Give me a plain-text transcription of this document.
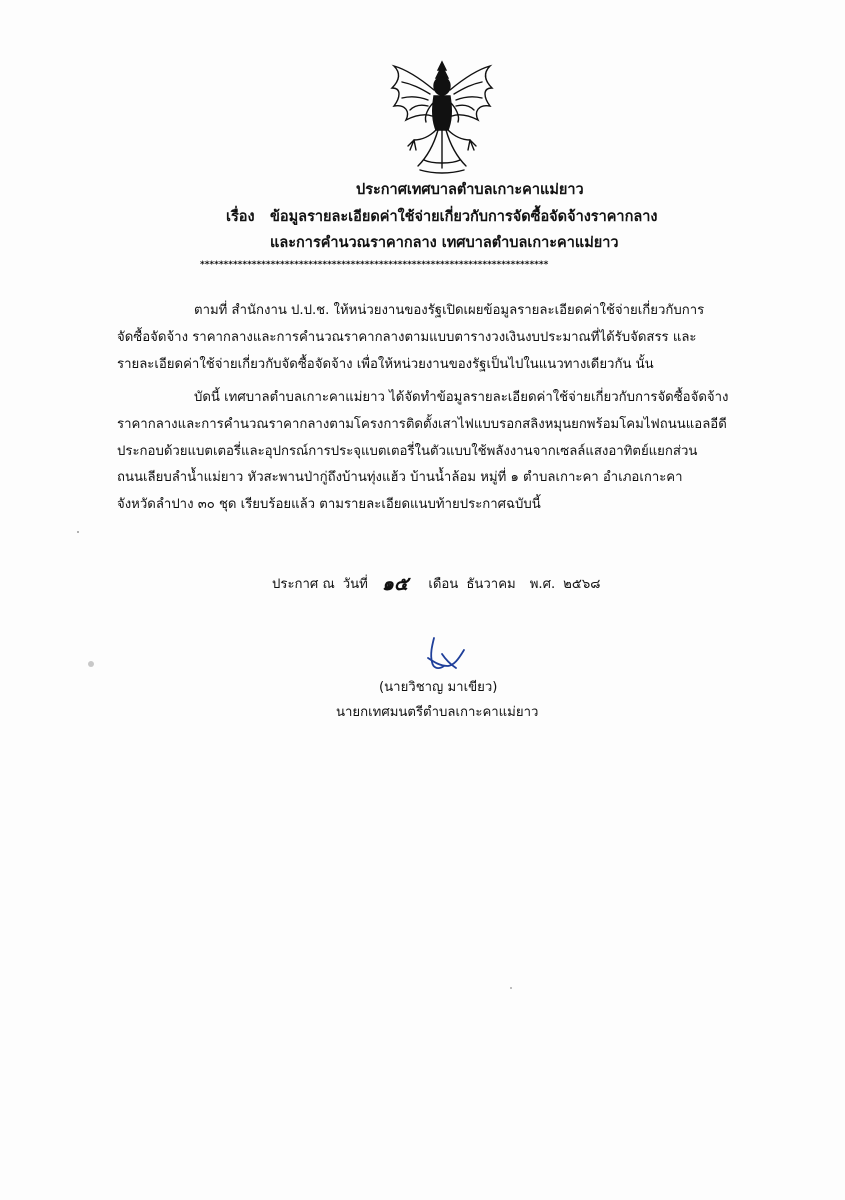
ประกาศเทศบาลตำบลเกาะคาแม่ยาว
เรื่อง ข้อมูลรายละเอียดค่าใช้จ่ายเกี่ยวกับการจัดซื้อจัดจ้างราคากลาง
และการคำนวณราคากลาง เทศบาลตำบลเกาะคาแม่ยาว
**************************************************************************
ตามที่ สำนักงาน ป.ป.ช. ให้หน่วยงานของรัฐเปิดเผยข้อมูลรายละเอียดค่าใช้จ่ายเกี่ยวกับการ
จัดซื้อจัดจ้าง ราคากลางและการคำนวณราคากลางตามแบบตารางวงเงินงบประมาณที่ได้รับจัดสรร และ
รายละเอียดค่าใช้จ่ายเกี่ยวกับจัดซื้อจัดจ้าง เพื่อให้หน่วยงานของรัฐเป็นไปในแนวทางเดียวกัน นั้น
บัดนี้ เทศบาลตำบลเกาะคาแม่ยาว ได้จัดทำข้อมูลรายละเอียดค่าใช้จ่ายเกี่ยวกับการจัดซื้อจัดจ้าง
ราคากลางและการคำนวณราคากลางตามโครงการติดตั้งเสาไฟแบบรอกสลิงหมุนยกพร้อมโคมไฟถนนแอลอีดี
ประกอบด้วยแบตเตอรี่และอุปกรณ์การประจุแบตเตอรี่ในตัวแบบใช้พลังงานจากเซลล์แสงอาทิตย์แยกส่วน
ถนนเลียบลำน้ำแม่ยาว หัวสะพานป่ากู่ถึงบ้านทุ่งแฮ้ว บ้านน้ำล้อม หมู่ที่ ๑ ตำบลเกาะคา อำเภอเกาะคา
จังหวัดลำปาง ๓๐ ชุด เรียบร้อยแล้ว ตามรายละเอียดแนบท้ายประกาศฉบับนี้
ประกาศ ณ วันที่ ๑๕ เดือน ธันวาคม พ.ศ. ๒๕๖๘
(นายวิชาญ มาเขียว)
นายกเทศมนตรีตำบลเกาะคาแม่ยาว
